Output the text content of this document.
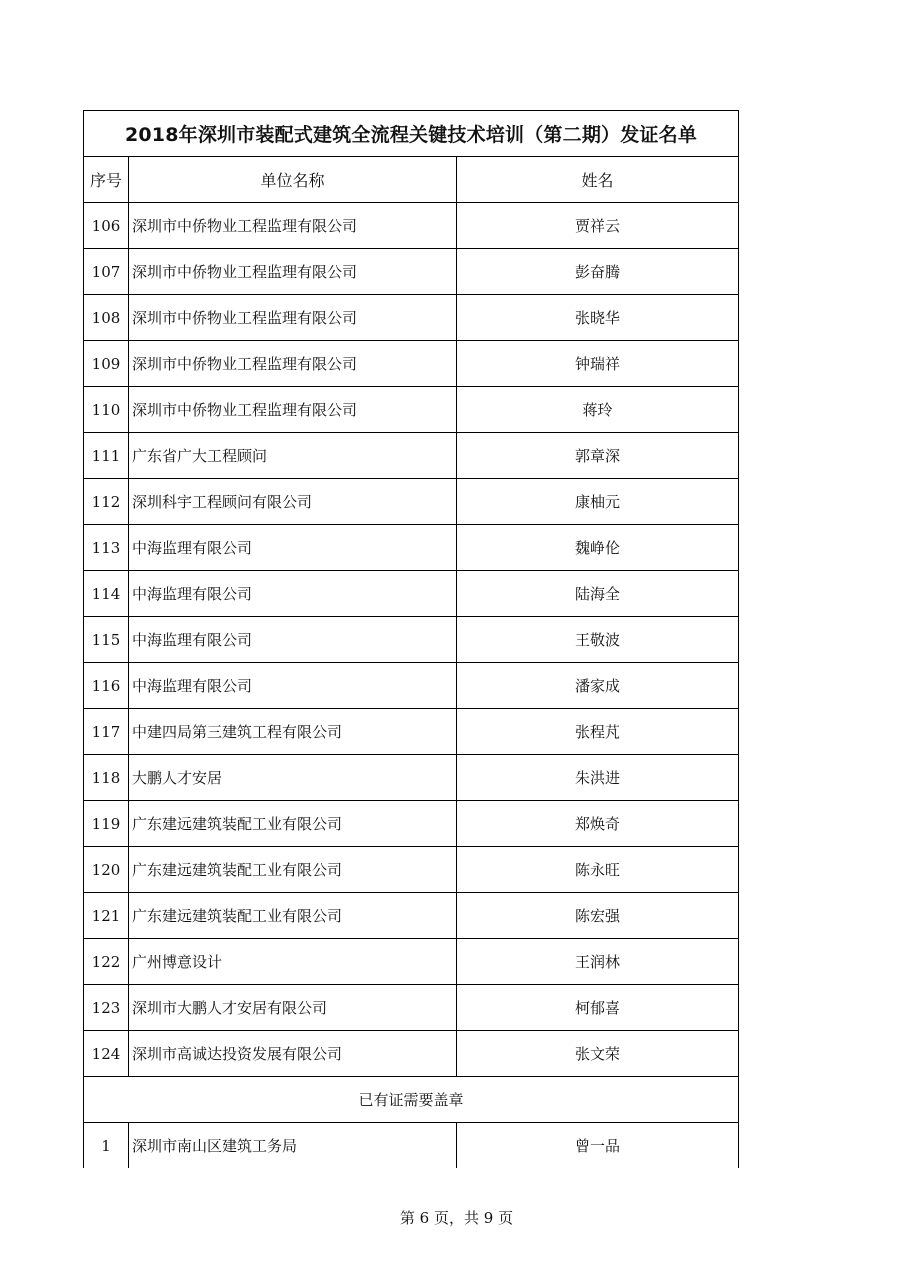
2018年深圳市装配式建筑全流程关键技术培训（第二期）发证名单		
序号	单位名称	姓名
106	深圳市中侨物业工程监理有限公司	贾祥云
107	深圳市中侨物业工程监理有限公司	彭奋腾
108	深圳市中侨物业工程监理有限公司	张晓华
109	深圳市中侨物业工程监理有限公司	钟瑞祥
110	深圳市中侨物业工程监理有限公司	蒋玲
111	广东省广大工程顾问	郭章深
112	深圳科宇工程顾问有限公司	康柚元
113	中海监理有限公司	魏峥伦
114	中海监理有限公司	陆海全
115	中海监理有限公司	王敬波
116	中海监理有限公司	潘家成
117	中建四局第三建筑工程有限公司	张程芃
118	大鹏人才安居	朱洪进
119	广东建远建筑装配工业有限公司	郑焕奇
120	广东建远建筑装配工业有限公司	陈永旺
121	广东建远建筑装配工业有限公司	陈宏强
122	广州博意设计	王润林
123	深圳市大鹏人才安居有限公司	柯郁喜
124	深圳市高诚达投资发展有限公司	张文荣
已有证需要盖章		
1	深圳市南山区建筑工务局	曾一品
第 6 页，共 9 页
